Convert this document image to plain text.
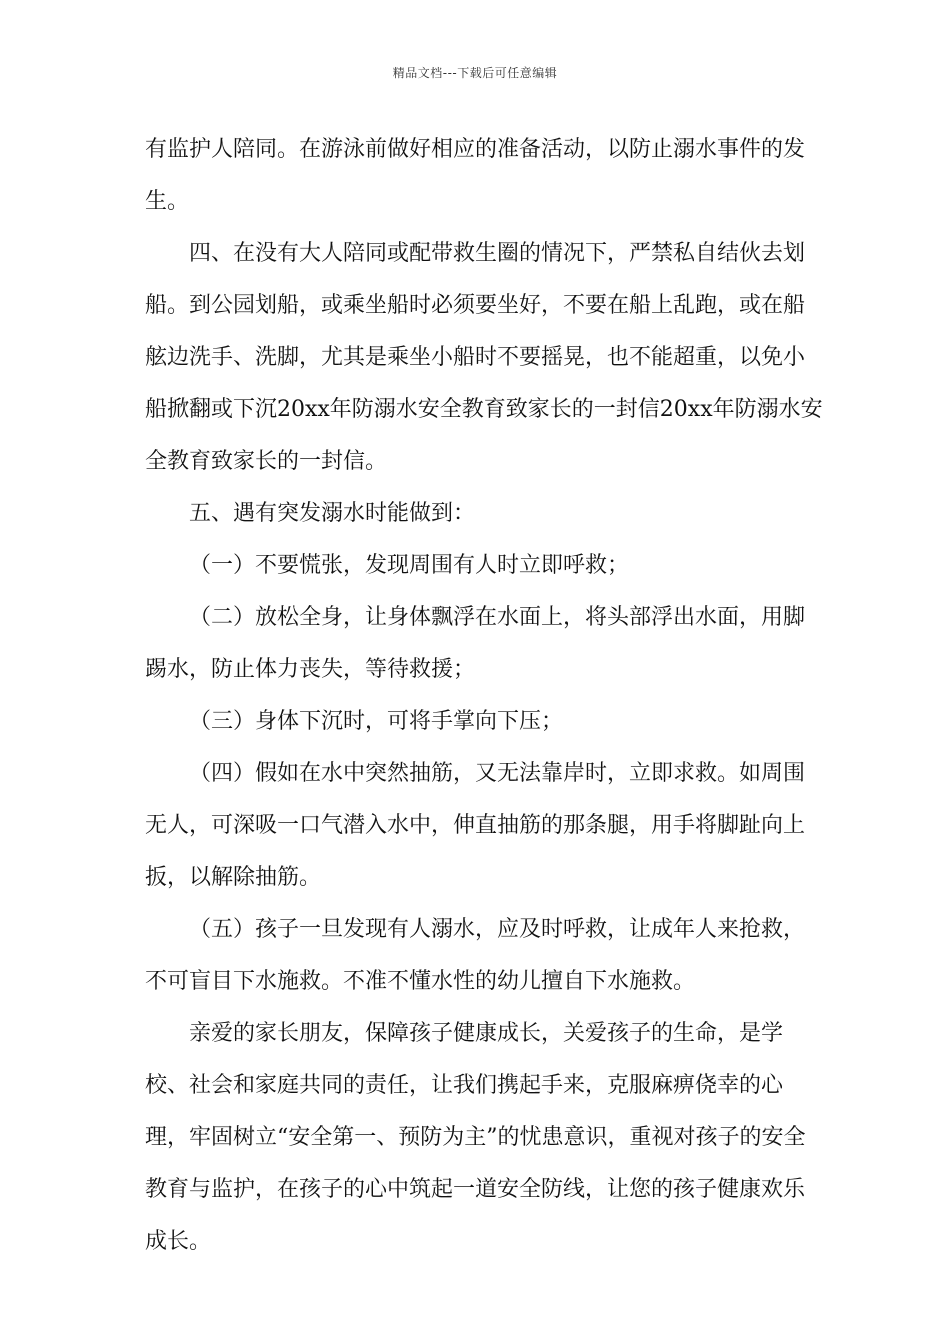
精品文档---下载后可任意编辑

有监护人陪同。在游泳前做好相应的准备活动，以防止溺水事件的发生。

四、在没有大人陪同或配带救生圈的情况下，严禁私自结伙去划船。到公园划船，或乘坐船时必须要坐好，不要在船上乱跑，或在船舷边洗手、洗脚，尤其是乘坐小船时不要摇晃，也不能超重，以免小船掀翻或下沉20xx年防溺水安全教育致家长的一封信20xx年防溺水安全教育致家长的一封信。

五、遇有突发溺水时能做到：

（一）不要慌张，发现周围有人时立即呼救；

（二）放松全身，让身体飘浮在水面上，将头部浮出水面，用脚踢水，防止体力丧失，等待救援；

（三）身体下沉时，可将手掌向下压；

（四）假如在水中突然抽筋，又无法靠岸时，立即求救。如周围无人，可深吸一口气潜入水中，伸直抽筋的那条腿，用手将脚趾向上扳，以解除抽筋。

（五）孩子一旦发现有人溺水，应及时呼救，让成年人来抢救，不可盲目下水施救。不准不懂水性的幼儿擅自下水施救。

亲爱的家长朋友，保障孩子健康成长，关爱孩子的生命，是学校、社会和家庭共同的责任，让我们携起手来，克服麻痹侥幸的心理，牢固树立“安全第一、预防为主”的忧患意识，重视对孩子的安全教育与监护，在孩子的心中筑起一道安全防线，让您的孩子健康欢乐成长。
